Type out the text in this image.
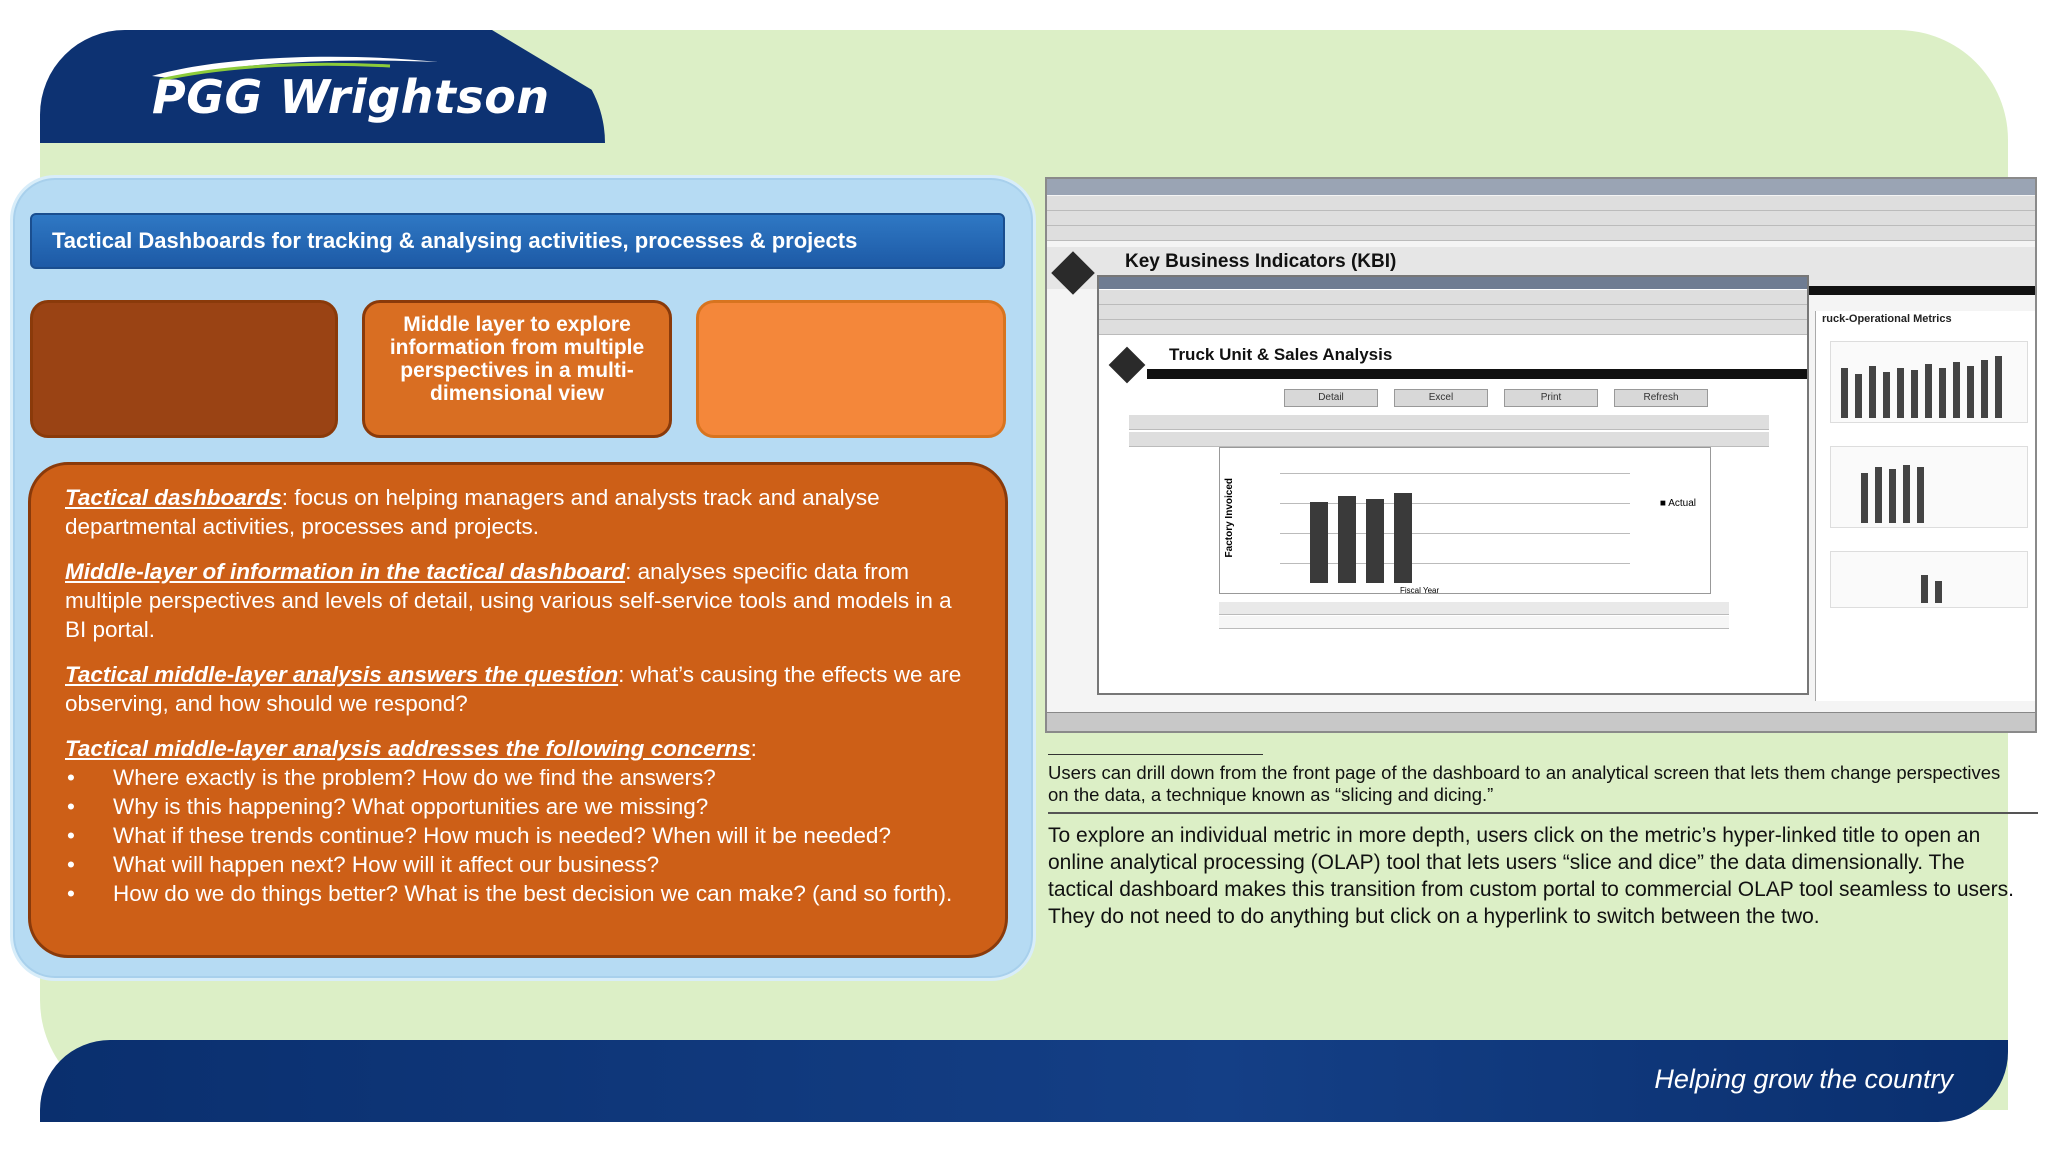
PGG Wrightson
Tactical Dashboards for tracking & analysing activities, processes & projects
Middle layer to explore information from multiple perspectives in a multi-dimensional view

Tactical dashboards: focus on helping managers and analysts track and analyse departmental activities, processes and projects.

Middle-layer of information in the tactical dashboard: analyses specific data from multiple perspectives and levels of detail, using various self-service tools and models in a BI portal.

Tactical middle-layer analysis answers the question: what’s causing the effects we are observing, and how should we respond?

Tactical middle-layer analysis addresses the following concerns:

• Where exactly is the problem? How do we find the answers?
• Why is this happening? What opportunities are we missing?
• What if these trends continue? How much is needed? When will it be needed?
• What will happen next? How will it affect our business?
• How do we do things better? What is the best decision we can make? (and so forth).
Key Business Indicators (KBI)
ruck-Operational Metrics
Truck Unit & Sales Analysis
Detail	Excel	Print	Refresh
Factory Invoiced
Fiscal Year
■ Actual
Users can drill down from the front page of the dashboard to an analytical screen that lets them change perspectives on the data, a technique known as “slicing and dicing.”
To explore an individual metric in more depth, users click on the metric’s hyper-linked title to open an online analytical processing (OLAP) tool that lets users “slice and dice” the data dimensionally. The tactical dashboard makes this transition from custom portal to commercial OLAP tool seamless to users. They do not need to do anything but click on a hyperlink to switch between the two.
Helping grow the country
